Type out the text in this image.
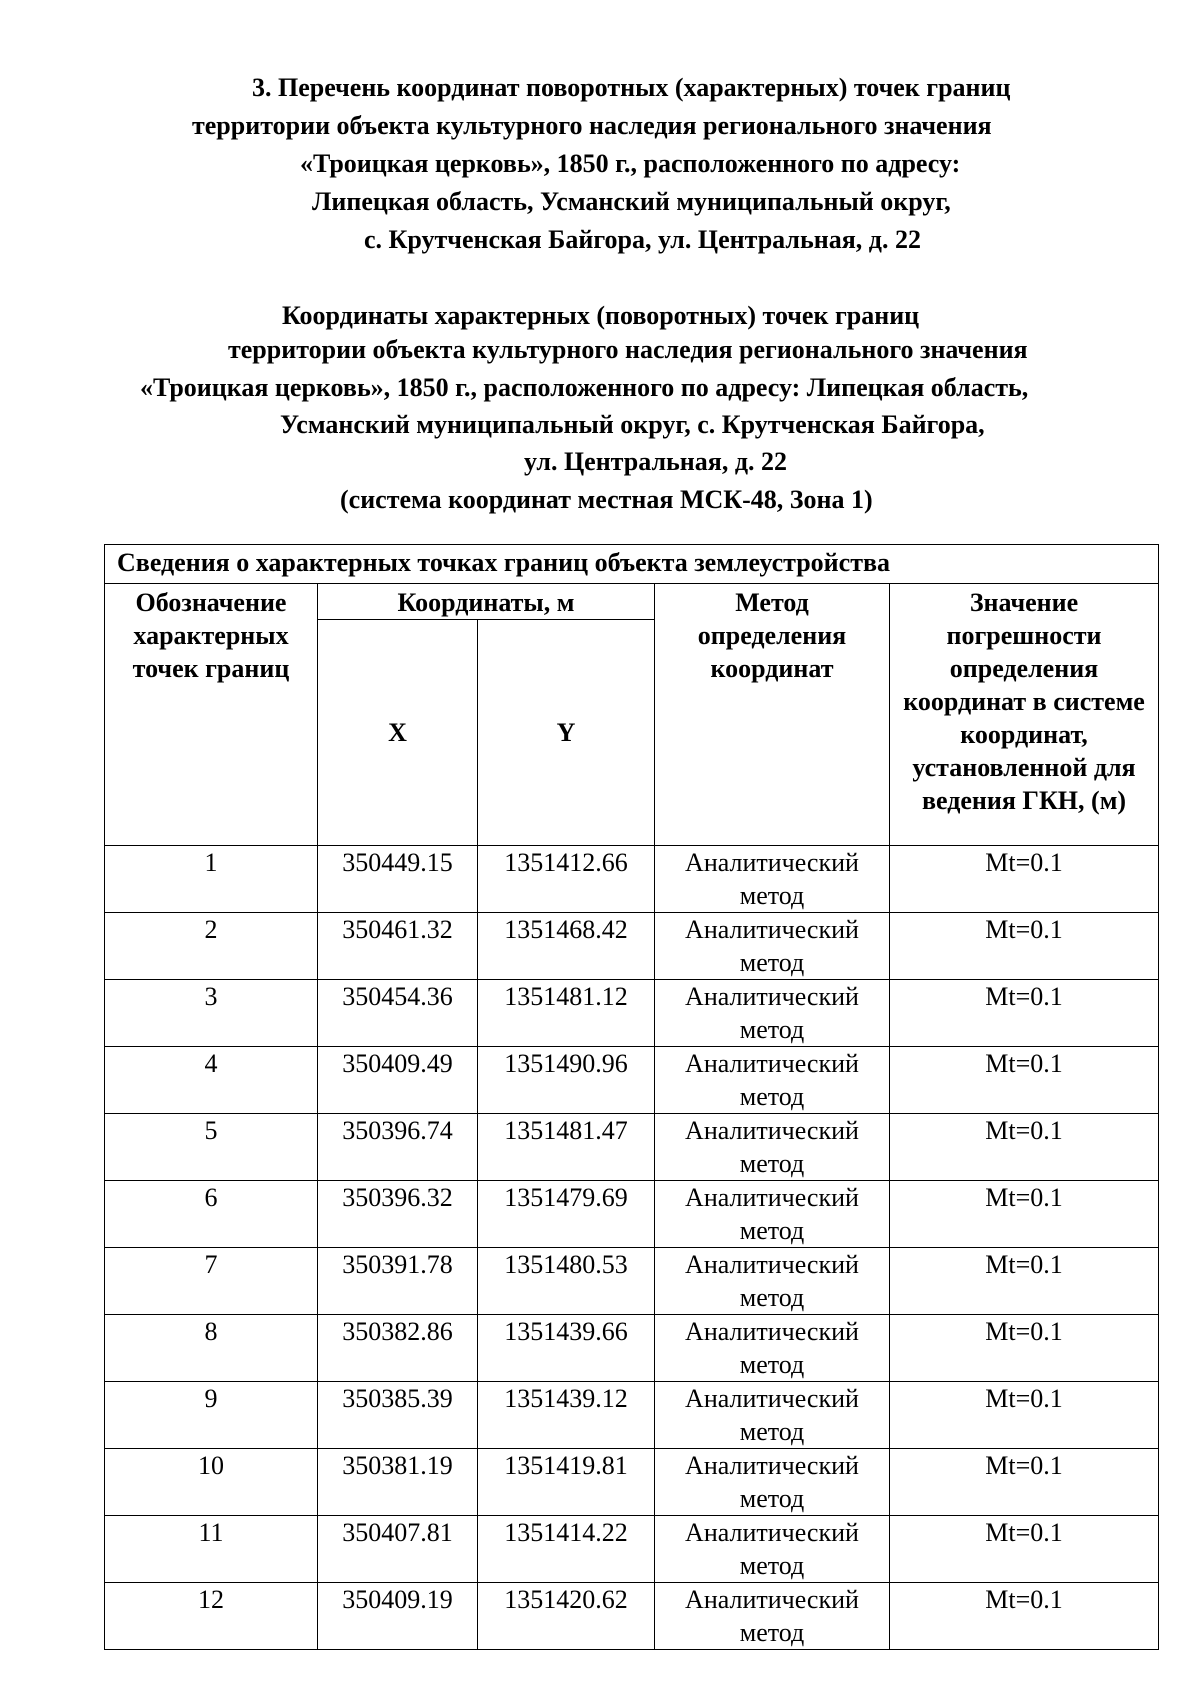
3. Перечень координат поворотных (характерных) точек границ
территории объекта культурного наследия регионального значения
«Троицкая церковь», 1850 г., расположенного по адресу:
Липецкая область, Усманский муниципальный округ,
с. Крутченская Байгора, ул. Центральная, д. 22
Координаты характерных (поворотных) точек границ
территории объекта культурного наследия регионального значения
«Троицкая церковь», 1850 г., расположенного по адресу: Липецкая область,
Усманский муниципальный округ, с. Крутченская Байгора,
ул. Центральная, д. 22
(система координат местная МСК-48, Зона 1)
Сведения о характерных точках границ объекта землеустройства				
Обозначение характерных точек границ	Координаты, м		Метод определения координат	Значение погрешности определения координат в системе координат, установленной для ведения ГКН, (м)
	X	Y		
1	350449.15	1351412.66	Аналитический метод	Mt=0.1
2	350461.32	1351468.42	Аналитический метод	Mt=0.1
3	350454.36	1351481.12	Аналитический метод	Mt=0.1
4	350409.49	1351490.96	Аналитический метод	Mt=0.1
5	350396.74	1351481.47	Аналитический метод	Mt=0.1
6	350396.32	1351479.69	Аналитический метод	Mt=0.1
7	350391.78	1351480.53	Аналитический метод	Mt=0.1
8	350382.86	1351439.66	Аналитический метод	Mt=0.1
9	350385.39	1351439.12	Аналитический метод	Mt=0.1
10	350381.19	1351419.81	Аналитический метод	Mt=0.1
11	350407.81	1351414.22	Аналитический метод	Mt=0.1
12	350409.19	1351420.62	Аналитический метод	Mt=0.1
